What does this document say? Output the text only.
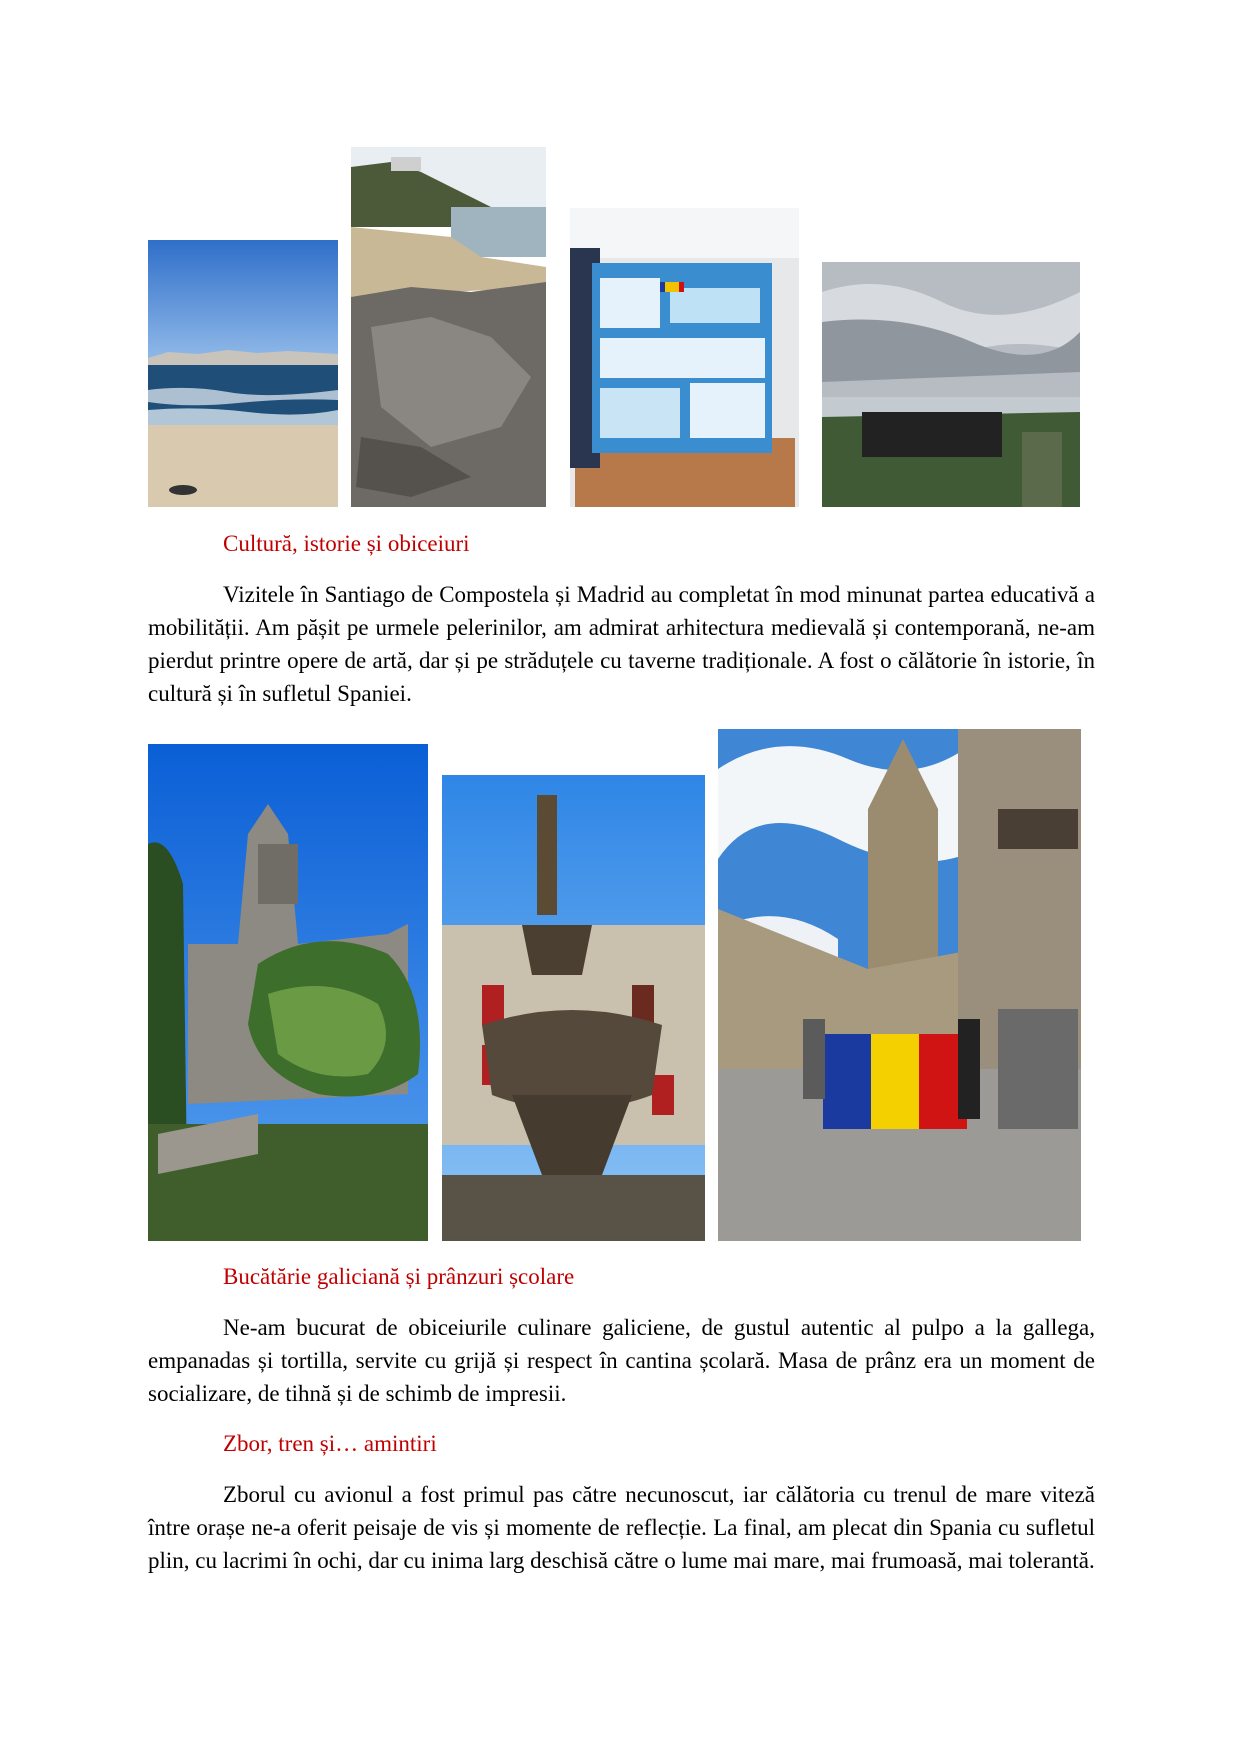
Cultură, istorie și obiceiuri

Vizitele în Santiago de Compostela și Madrid au completat în mod minunat partea educativă a mobilității. Am pășit pe urmele pelerinilor, am admirat arhitectura medievală și contemporană, ne-am pierdut printre opere de artă, dar și pe străduțele cu taverne tradiționale. A fost o călătorie în istorie, în cultură și în sufletul Spaniei.

Bucătărie galiciană și prânzuri școlare

Ne-am bucurat de obiceiurile culinare galiciene, de gustul autentic al pulpo a la gallega, empanadas și tortilla, servite cu grijă și respect în cantina școlară. Masa de prânz era un moment de socializare, de tihnă și de schimb de impresii.

Zbor, tren și… amintiri

Zborul cu avionul a fost primul pas către necunoscut, iar călătoria cu trenul de mare viteză între orașe ne-a oferit peisaje de vis și momente de reflecție. La final, am plecat din Spania cu sufletul plin, cu lacrimi în ochi, dar cu inima larg deschisă către o lume mai mare, mai frumoasă, mai tolerantă.
